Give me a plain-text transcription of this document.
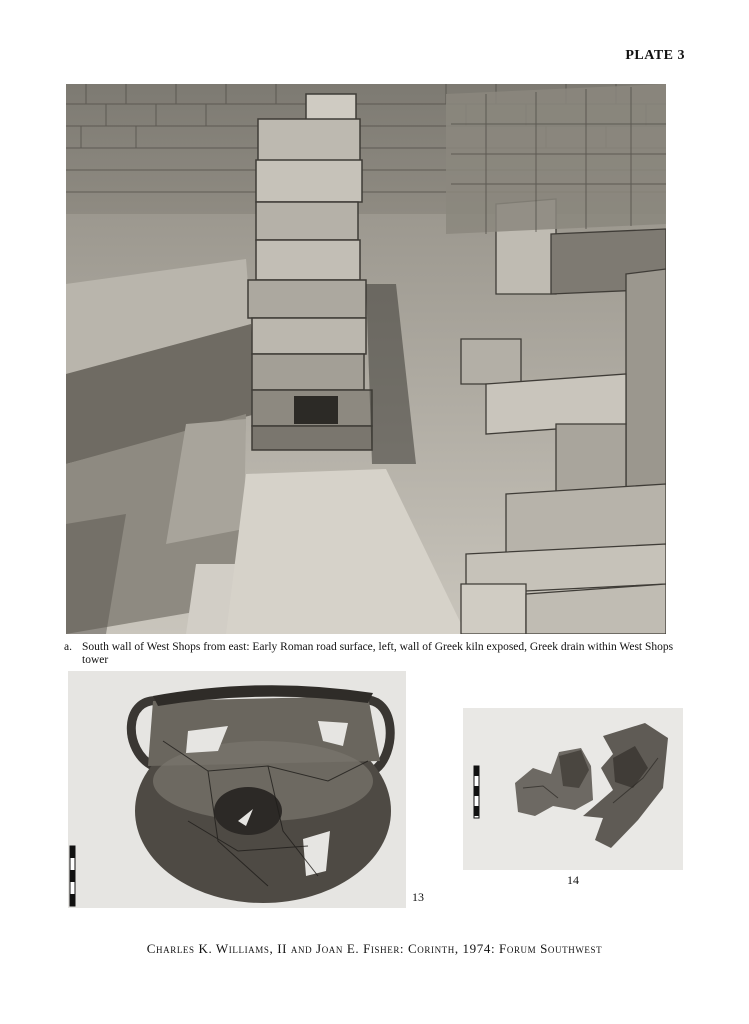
PLATE 3
a. South wall of West Shops from east: Early Roman road surface, left, wall of Greek kiln exposed, Greek drain within West Shops tower
13
14
Charles K. Williams, II and Joan E. Fisher: Corinth, 1974: Forum Southwest
